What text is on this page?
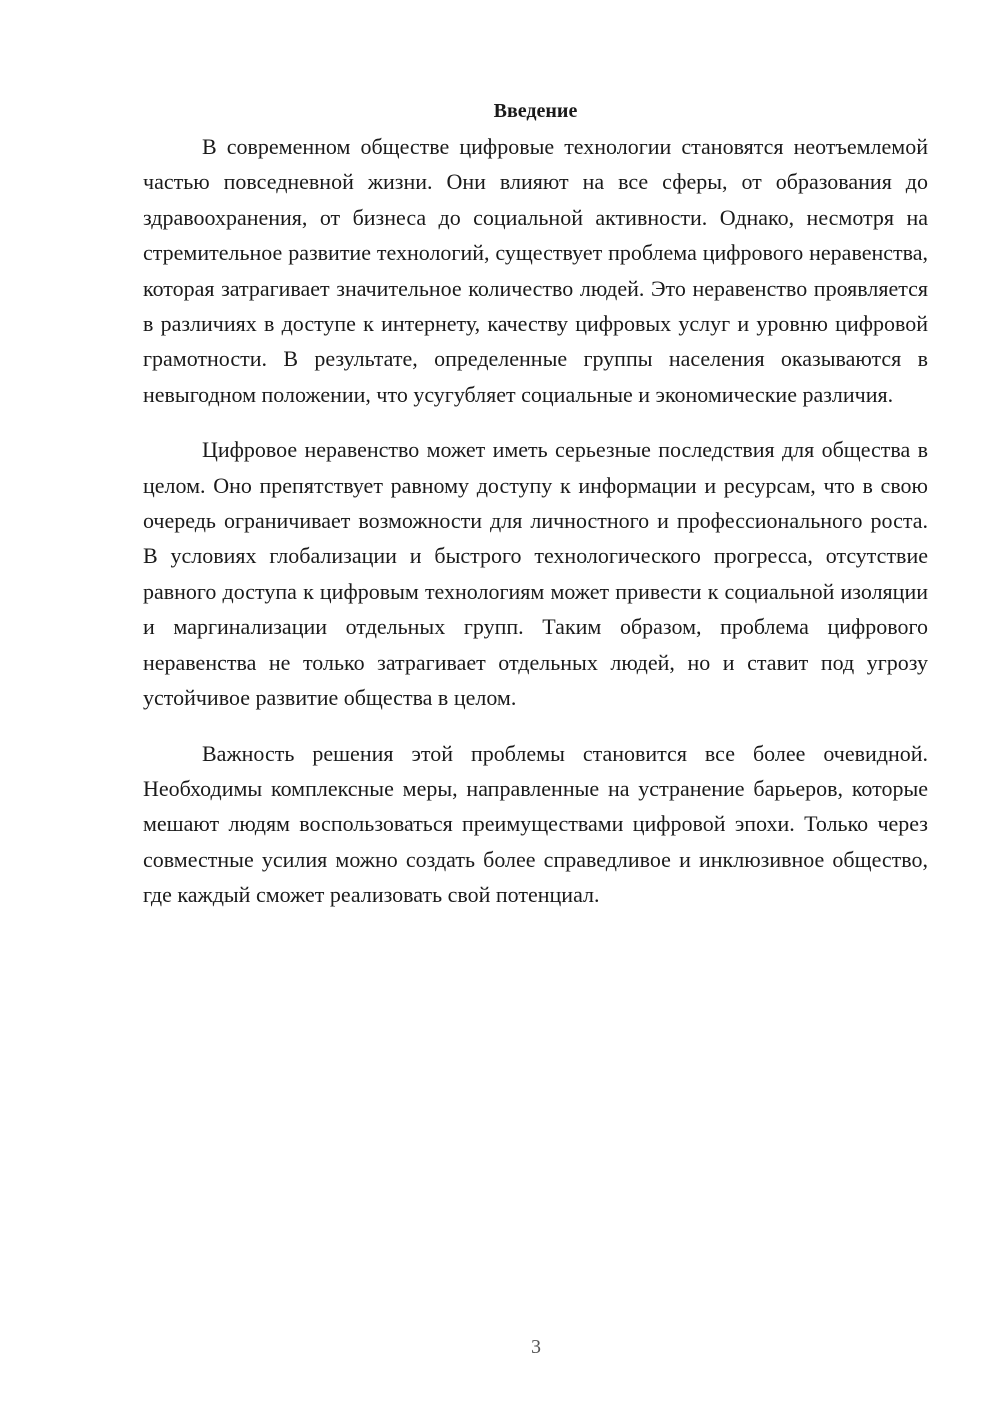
Введение

В современном обществе цифровые технологии становятся неотъемлемой частью повседневной жизни. Они влияют на все сферы, от образования до здравоохранения, от бизнеса до социальной активности. Однако, несмотря на стремительное развитие технологий, существует проблема цифрового неравенства, которая затрагивает значительное количество людей. Это неравенство проявляется в различиях в доступе к интернету, качеству цифровых услуг и уровню цифровой грамотности. В результате, определенные группы населения оказываются в невыгодном положении, что усугубляет социальные и экономические различия.

Цифровое неравенство может иметь серьезные последствия для общества в целом. Оно препятствует равному доступу к информации и ресурсам, что в свою очередь ограничивает возможности для личностного и профессионального роста. В условиях глобализации и быстрого технологического прогресса, отсутствие равного доступа к цифровым технологиям может привести к социальной изоляции и маргинализации отдельных групп. Таким образом, проблема цифрового неравенства не только затрагивает отдельных людей, но и ставит под угрозу устойчивое развитие общества в целом.

Важность решения этой проблемы становится все более очевидной. Необходимы комплексные меры, направленные на устранение барьеров, которые мешают людям воспользоваться преимуществами цифровой эпохи. Только через совместные усилия можно создать более справедливое и инклюзивное общество, где каждый сможет реализовать свой потенциал.

3
